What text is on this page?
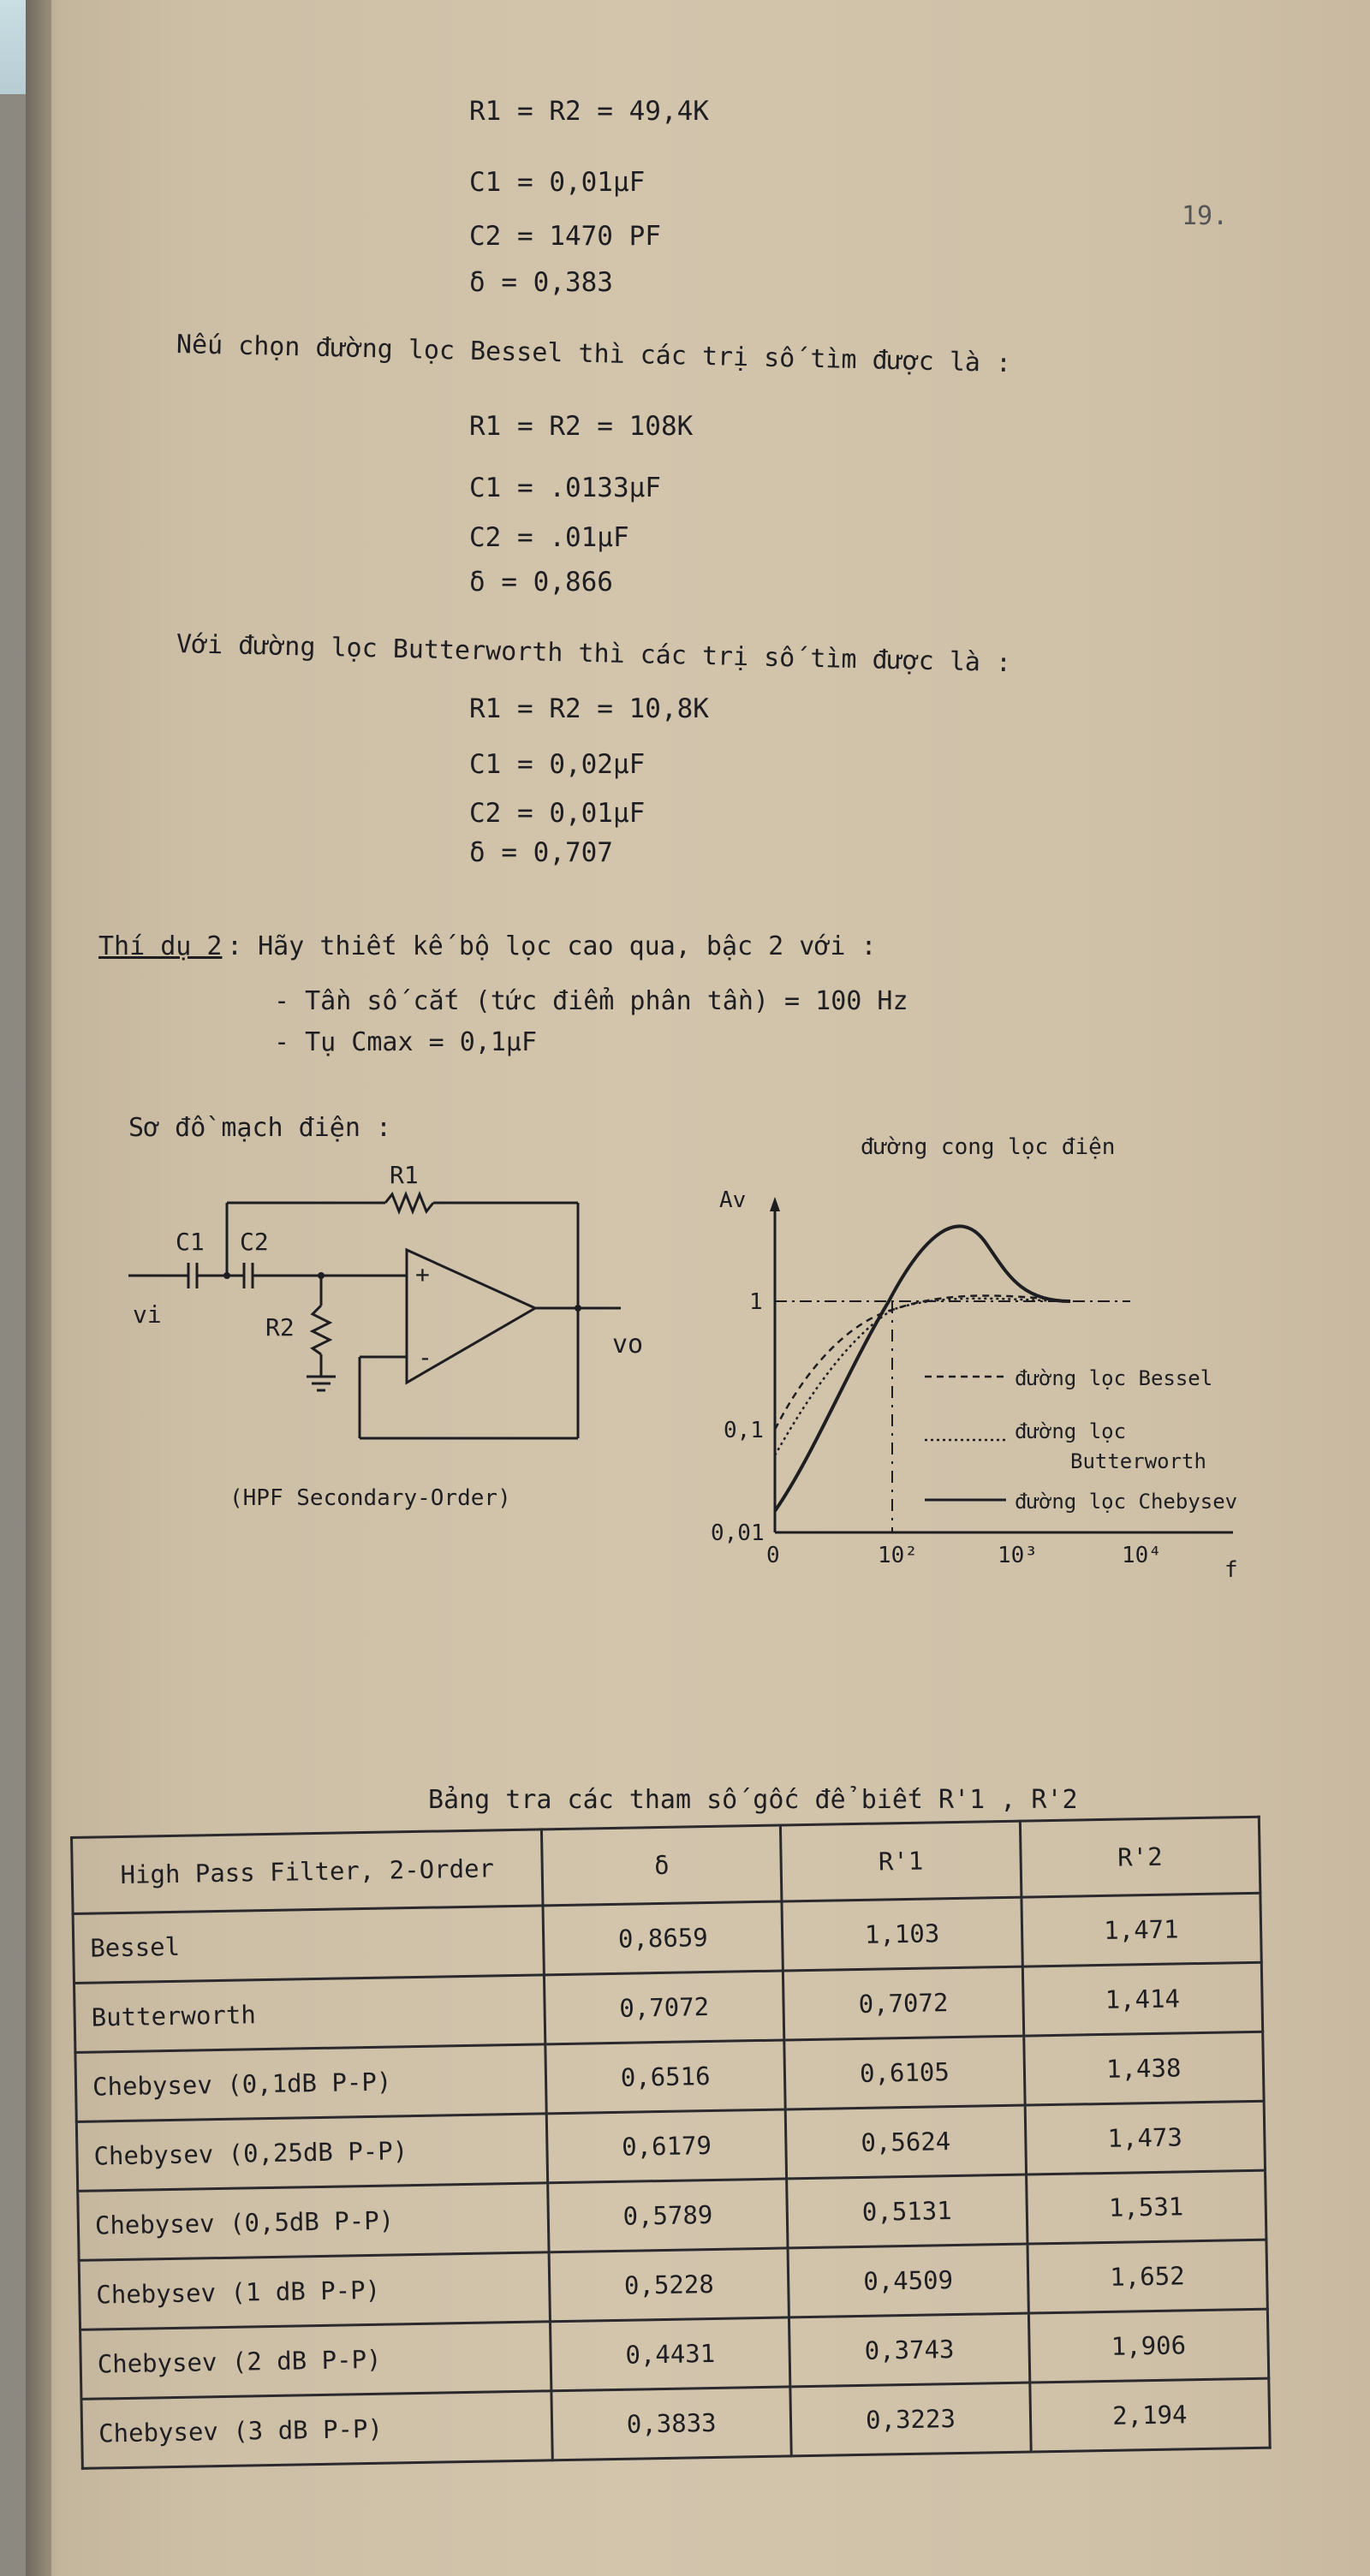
19.
R1 = R2 = 49,4K
C1 = 0,01µF
C2 = 1470 PF
δ = 0,383
Nếu chọn đường lọc Bessel thì các trị số tìm được là :
R1 = R2 = 108K
C1 = .0133µF
C2 = .01µF
δ = 0,866
Với đường lọc Butterworth thì các trị số tìm được là :
R1 = R2 = 10,8K
C1 = 0,02µF
C2 = 0,01µF
δ = 0,707
Thí dụ 2 : Hãy thiết kế bộ lọc cao qua, bậc 2 với :
- Tần số cắt (tức điểm phân tần) = 100 Hz
- Tụ Cmax = 0,1µF
Sơ đồ mạch điện :
R1
C1 C2
R2
vi
vo
+
-
(HPF Secondary-Order)
đường cong lọc điện
Av
f
1
0,1
0,01
0	10²	10³	10⁴
đường lọc Bessel
đường lọc
Butterworth
đường lọc Chebysev
Bảng tra các tham số gốc để biết R'1 , R'2
High Pass Filter, 2-Order	δ	R'1	R'2
Bessel	0,8659	1,103	1,471
Butterworth	0,7072	0,7072	1,414
Chebysev (0,1dB P-P)	0,6516	0,6105	1,438
Chebysev (0,25dB P-P)	0,6179	0,5624	1,473
Chebysev (0,5dB P-P)	0,5789	0,5131	1,531
Chebysev (1 dB P-P)	0,5228	0,4509	1,652
Chebysev (2 dB P-P)	0,4431	0,3743	1,906
Chebysev (3 dB P-P)	0,3833	0,3223	2,194
